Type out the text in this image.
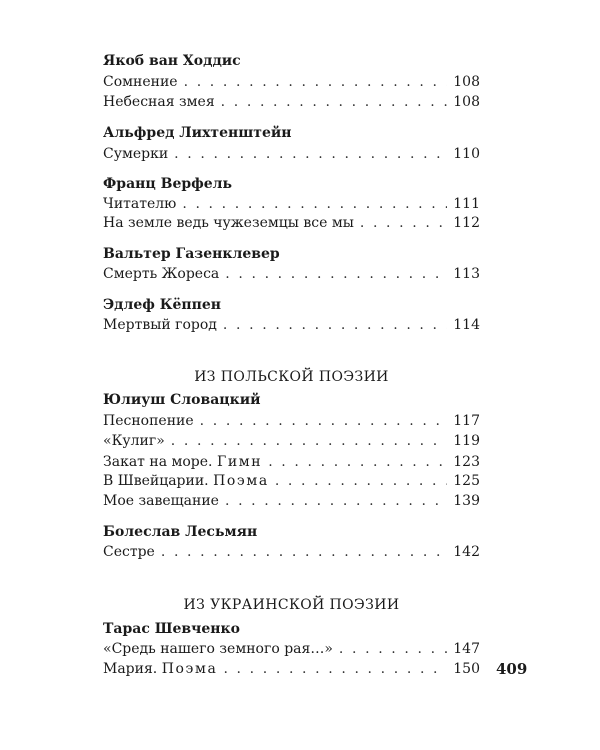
Якоб ван Ходдис
Сомнение . . .	108
Небесная змея . . .	108
Альфред Лихтенштейн
Сумерки . . .	110
Франц Верфель
Читателю . . .	111
На земле ведь чужеземцы все мы . . .	112
Вальтер Газенклевер
Смерть Жореса . . .	113
Эдлеф Кёппен
Мертвый город . . .	114
ИЗ ПОЛЬСКОЙ ПОЭЗИИ
Юлиуш Словацкий
Песнопение . . .	117
«Кулиг» . . .	119
Закат на море. Гимн . . .	123
В Швейцарии. Поэма . . .	125
Мое завещание . . .	139
Болеслав Лесьмян
Сестре . . .	142
ИЗ УКРАИНСКОЙ ПОЭЗИИ
Тарас Шевченко
«Средь нашего земного рая…» . . .	147
Мария. Поэма . . .	150 409
